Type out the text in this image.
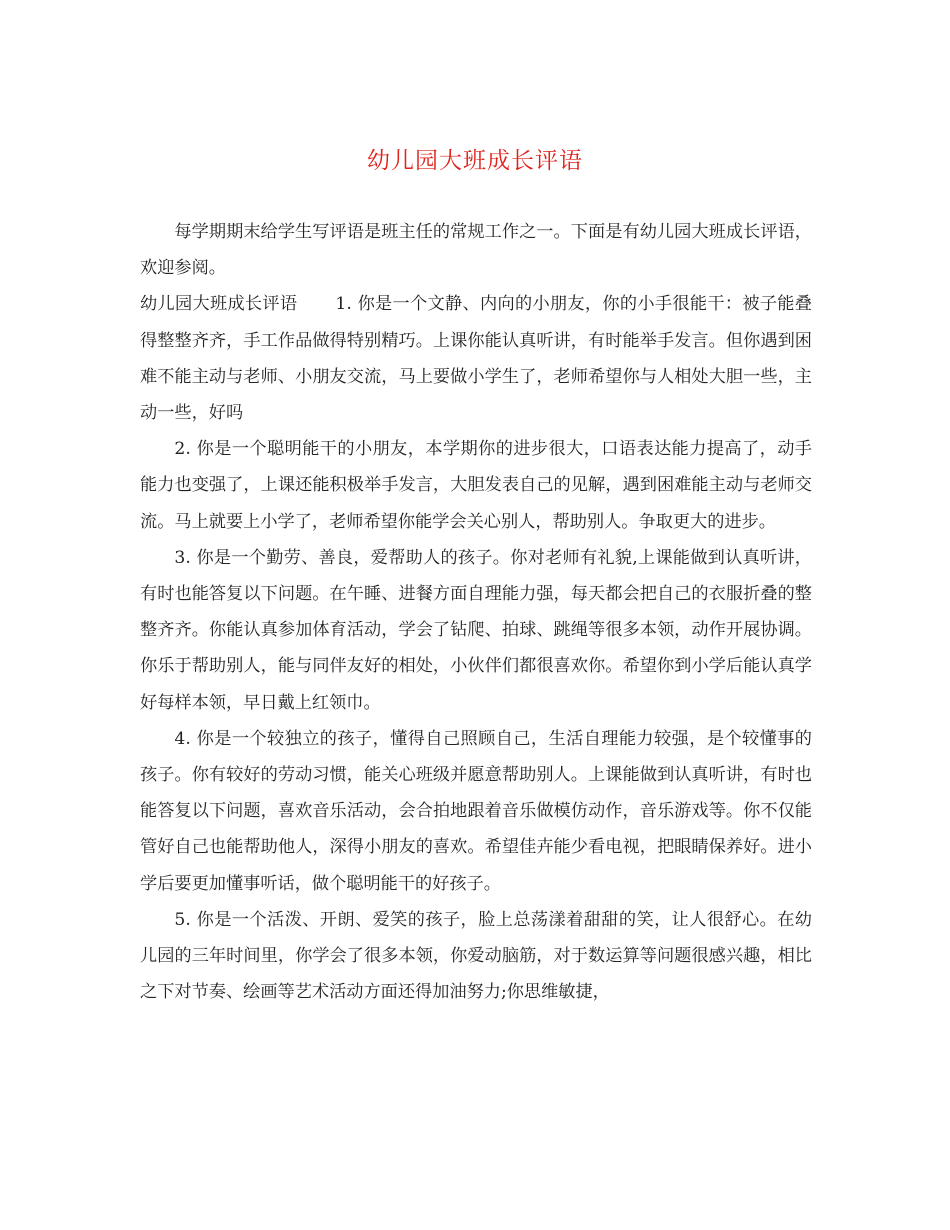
幼儿园大班成长评语

每学期期末给学生写评语是班主任的常规工作之一。下面是有幼儿园大班成长评语，欢迎参阅。

幼儿园大班成长评语 1. 你是一个文静、内向的小朋友，你的小手很能干：被子能叠得整整齐齐，手工作品做得特别精巧。上课你能认真听讲，有时能举手发言。但你遇到困难不能主动与老师、小朋友交流，马上要做小学生了，老师希望你与人相处大胆一些，主动一些，好吗

2. 你是一个聪明能干的小朋友，本学期你的进步很大，口语表达能力提高了，动手能力也变强了，上课还能积极举手发言，大胆发表自己的见解，遇到困难能主动与老师交流。马上就要上小学了，老师希望你能学会关心别人，帮助别人。争取更大的进步。

3. 你是一个勤劳、善良，爱帮助人的孩子。你对老师有礼貌,上课能做到认真听讲，有时也能答复以下问题。在午睡、进餐方面自理能力强，每天都会把自己的衣服折叠的整整齐齐。你能认真参加体育活动，学会了钻爬、拍球、跳绳等很多本领，动作开展协调。你乐于帮助别人，能与同伴友好的相处，小伙伴们都很喜欢你。希望你到小学后能认真学好每样本领，早日戴上红领巾。

4. 你是一个较独立的孩子，懂得自己照顾自己，生活自理能力较强，是个较懂事的孩子。你有较好的劳动习惯，能关心班级并愿意帮助别人。上课能做到认真听讲，有时也能答复以下问题，喜欢音乐活动，会合拍地跟着音乐做模仿动作，音乐游戏等。你不仅能管好自己也能帮助他人，深得小朋友的喜欢。希望佳卉能少看电视，把眼睛保养好。进小学后要更加懂事听话，做个聪明能干的好孩子。

5. 你是一个活泼、开朗、爱笑的孩子，脸上总荡漾着甜甜的笑，让人很舒心。在幼儿园的三年时间里，你学会了很多本领，你爱动脑筋，对于数运算等问题很感兴趣，相比之下对节奏、绘画等艺术活动方面还得加油努力;你思维敏捷，
